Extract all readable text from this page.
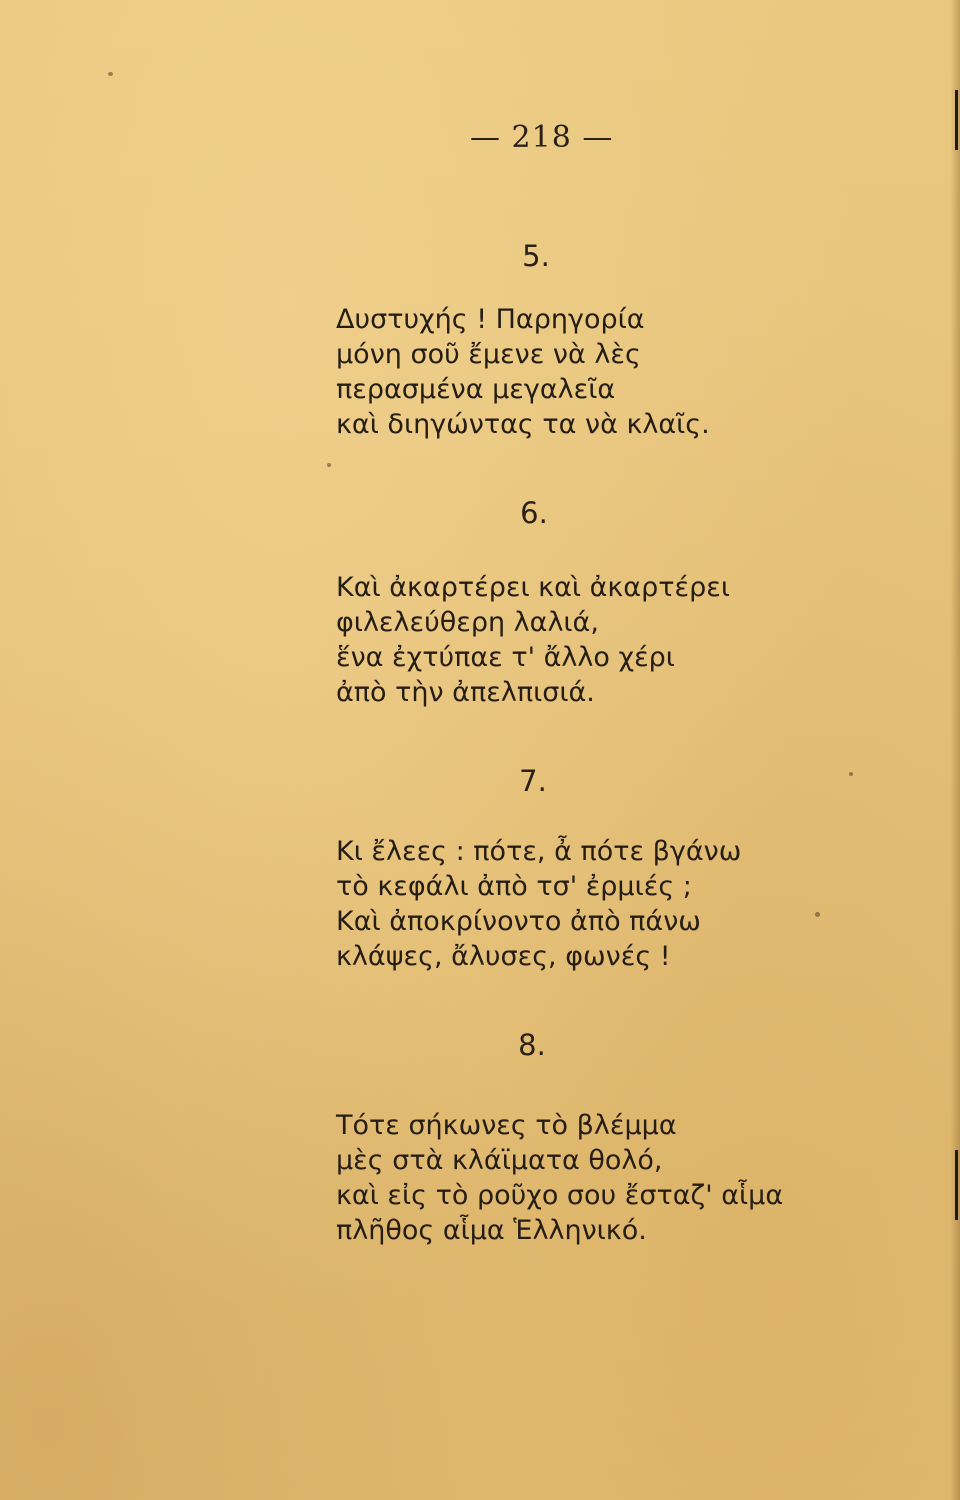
— 218 —
5.
Δυστυχής ! Παρηγορία
μόνη σοῦ ἔμενε νὰ λὲς
περασμένα μεγαλεῖα
καὶ διηγώντας τα νὰ κλαῖς.
6.
Καὶ ἀκαρτέρει καὶ ἀκαρτέρει
φιλελεύθερη λαλιά,
ἕνα ἐχτύπαε τ' ἄλλο χέρι
ἀπὸ τὴν ἀπελπισιά.
7.
Κι ἔλεες : πότε, ἆ πότε βγάνω
τὸ κεφάλι ἀπὸ τσ' ἐρμιές ;
Καὶ ἀποκρίνοντο ἀπὸ πάνω
κλάψες, ἄλυσες, φωνές !
8.
Τότε σήκωνες τὸ βλέμμα
μὲς στὰ κλάϊματα θολό,
καὶ εἰς τὸ ροῦχο σου ἔσταζ' αἷμα
πλῆθος αἷμα Ἑλληνικό.
